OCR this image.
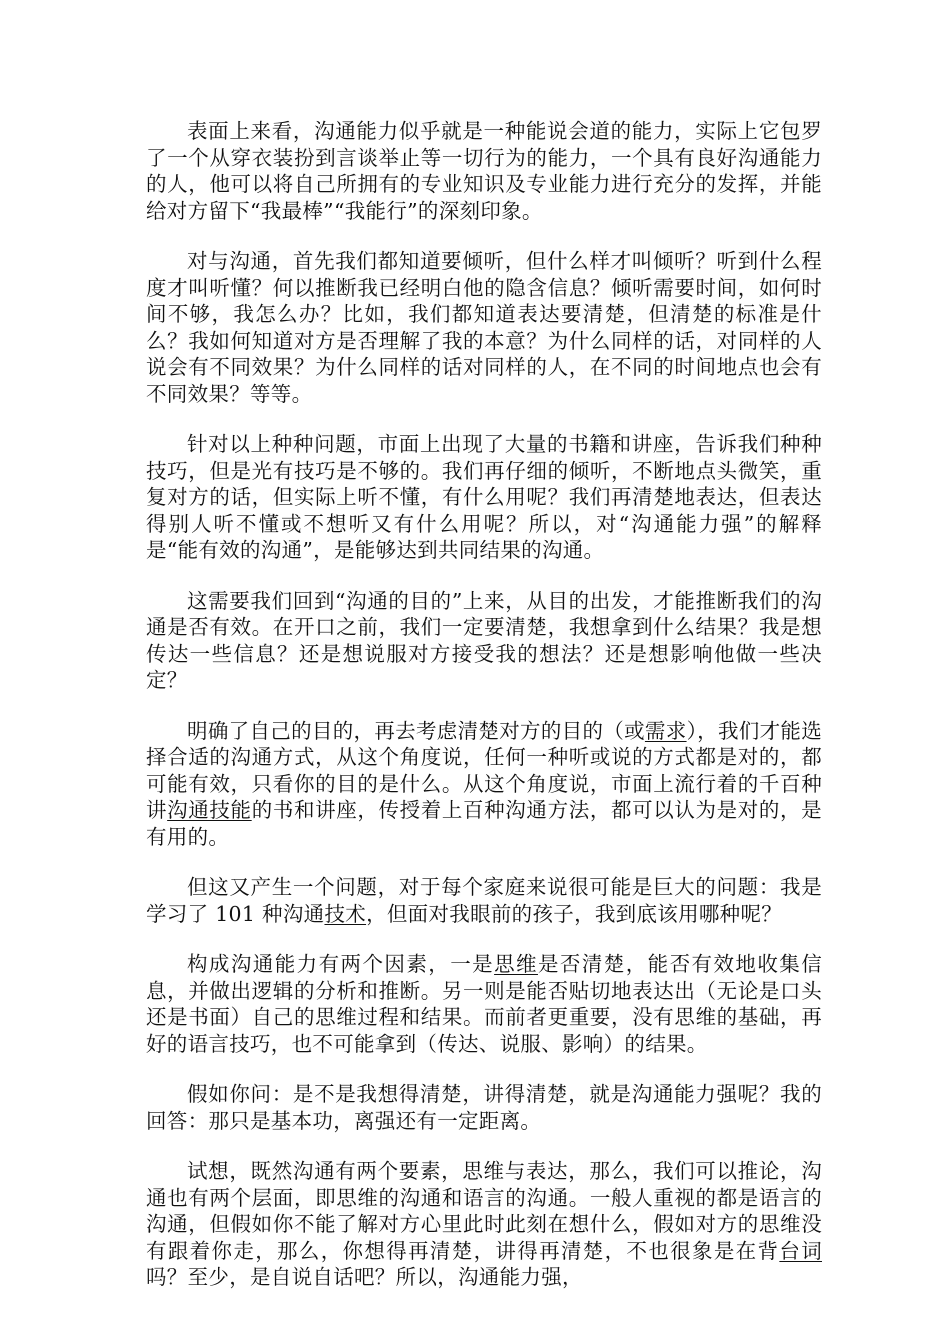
表面上来看，沟通能力似乎就是一种能说会道的能力，实际上它包罗了一个从穿衣装扮到言谈举止等一切行为的能力，一个具有良好沟通能力的人，他可以将自己所拥有的专业知识及专业能力进行充分的发挥，并能给对方留下“我最棒”“我能行”的深刻印象。

对与沟通，首先我们都知道要倾听，但什么样才叫倾听？听到什么程度才叫听懂？何以推断我已经明白他的隐含信息？倾听需要时间，如何时间不够，我怎么办？比如，我们都知道表达要清楚，但清楚的标准是什么？我如何知道对方是否理解了我的本意？为什么同样的话，对同样的人说会有不同效果？为什么同样的话对同样的人，在不同的时间地点也会有不同效果？等等。

针对以上种种问题，市面上出现了大量的书籍和讲座，告诉我们种种技巧，但是光有技巧是不够的。我们再仔细的倾听，不断地点头微笑，重复对方的话，但实际上听不懂，有什么用呢？我们再清楚地表达，但表达得别人听不懂或不想听又有什么用呢？所以，对“沟通能力强”的解释是“能有效的沟通”，是能够达到共同结果的沟通。

这需要我们回到“沟通的目的”上来，从目的出发，才能推断我们的沟通是否有效。在开口之前，我们一定要清楚，我想拿到什么结果？我是想传达一些信息？还是想说服对方接受我的想法？还是想影响他做一些决定？

明确了自己的目的，再去考虑清楚对方的目的（或需求），我们才能选择合适的沟通方式，从这个角度说，任何一种听或说的方式都是对的，都可能有效，只看你的目的是什么。从这个角度说，市面上流行着的千百种讲沟通技能的书和讲座，传授着上百种沟通方法，都可以认为是对的，是有用的。

但这又产生一个问题，对于每个家庭来说很可能是巨大的问题：我是学习了 101 种沟通技术，但面对我眼前的孩子，我到底该用哪种呢？

构成沟通能力有两个因素，一是思维是否清楚，能否有效地收集信息，并做出逻辑的分析和推断。另一则是能否贴切地表达出（无论是口头还是书面）自己的思维过程和结果。而前者更重要，没有思维的基础，再好的语言技巧，也不可能拿到（传达、说服、影响）的结果。

假如你问：是不是我想得清楚，讲得清楚，就是沟通能力强呢？我的回答：那只是基本功，离强还有一定距离。

试想，既然沟通有两个要素，思维与表达，那么，我们可以推论，沟通也有两个层面，即思维的沟通和语言的沟通。一般人重视的都是语言的沟通，但假如你不能了解对方心里此时此刻在想什么，假如对方的思维没有跟着你走，那么，你想得再清楚，讲得再清楚，不也很象是在背台词吗？至少，是自说自话吧？所以，沟通能力强，
